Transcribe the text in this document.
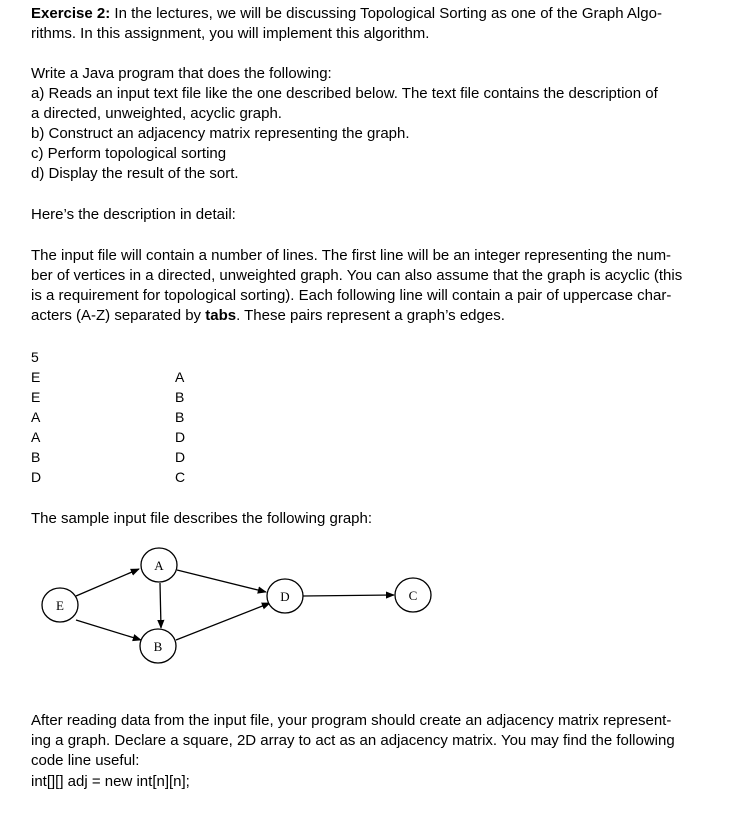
Exercise 2: In the lectures, we will be discussing Topological Sorting as one of the Graph Algo-
rithms. In this assignment, you will implement this algorithm.
Write a Java program that does the following:
a) Reads an input text file like the one described below. The text file contains the description of
a directed, unweighted, acyclic graph.
b) Construct an adjacency matrix representing the graph.
c) Perform topological sorting
d) Display the result of the sort.
Here’s the description in detail:
The input file will contain a number of lines. The first line will be an integer representing the num-
ber of vertices in a directed, unweighted graph. You can also assume that the graph is acyclic (this
is a requirement for topological sorting). Each following line will contain a pair of uppercase char-
acters (A-Z) separated by tabs. These pairs represent a graph’s edges.
5
E	A
E	B
A	B
A	D
B	D
D	C
The sample input file describes the following graph:
A
E
B
D	C
After reading data from the input file, your program should create an adjacency matrix represent-
ing a graph. Declare a square, 2D array to act as an adjacency matrix. You may find the following
code line useful:
int[][] adj = new int[n][n];
